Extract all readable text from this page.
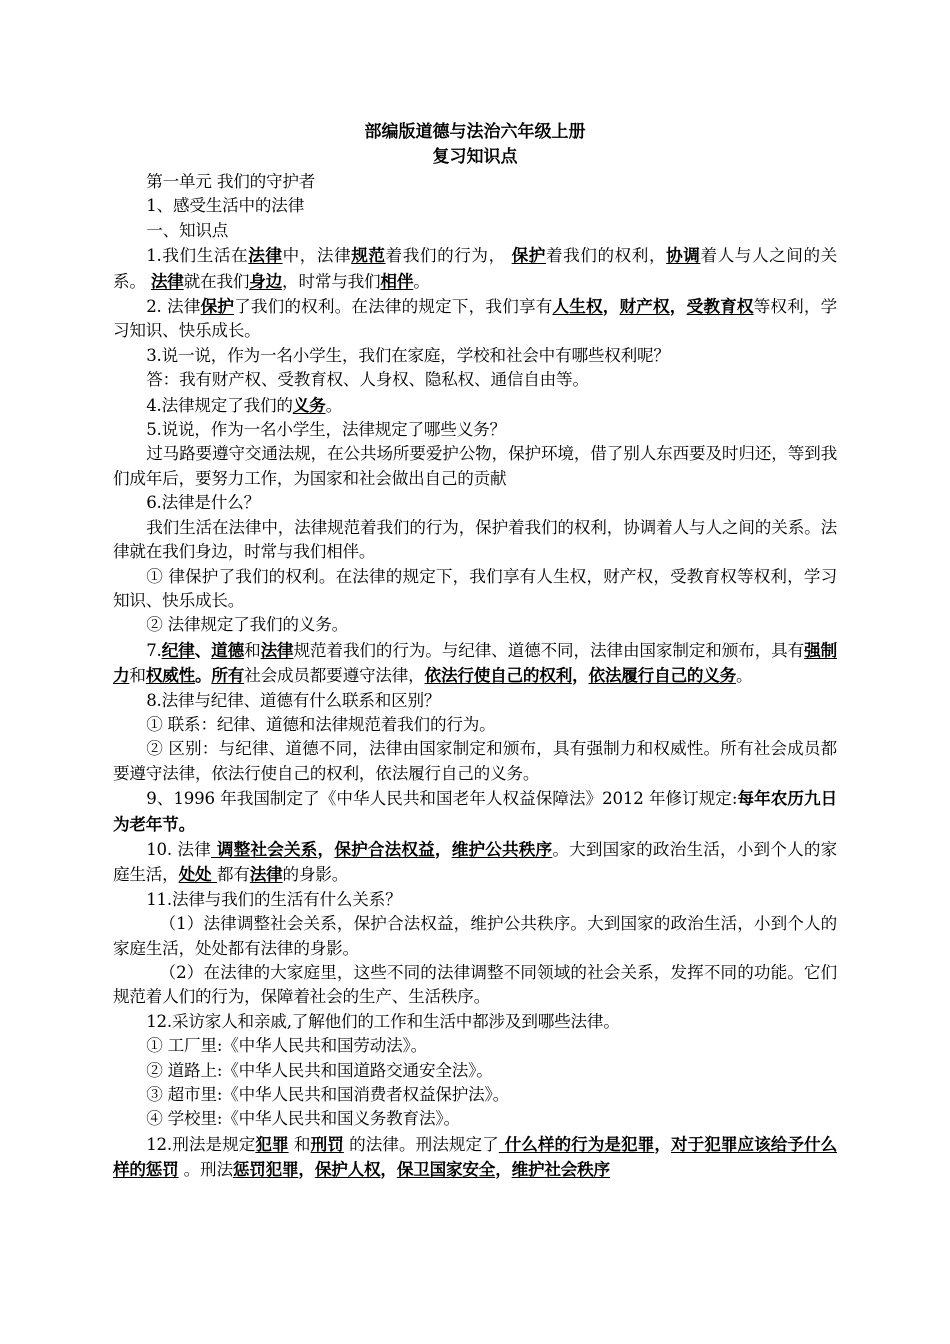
部编版道德与法治六年级上册

复习知识点

第一单元 我们的守护者

1、感受生活中的法律

一、知识点

1.我们生活在法律中，法律规范着我们的行为， 保护着我们的权利，协调着人与人之间的关系。 法律就在我们身边，时常与我们相伴。

2. 法律保护了我们的权利。在法律的规定下，我们享有人生权，财产权，受教育权等权利，学习知识、快乐成长。

3.说一说，作为一名小学生，我们在家庭，学校和社会中有哪些权利呢？

答：我有财产权、受教育权、人身权、隐私权、通信自由等。

4.法律规定了我们的义务。

5.说说，作为一名小学生，法律规定了哪些义务？

过马路要遵守交通法规，在公共场所要爱护公物，保护环境，借了别人东西要及时归还，等到我们成年后，要努力工作，为国家和社会做出自己的贡献

6.法律是什么？

我们生活在法律中，法律规范着我们的行为，保护着我们的权利，协调着人与人之间的关系。法律就在我们身边，时常与我们相伴。

① 律保护了我们的权利。在法律的规定下，我们享有人生权，财产权，受教育权等权利，学习知识、快乐成长。

② 法律规定了我们的义务。

7.纪律、道德和法律规范着我们的行为。与纪律、道德不同，法律由国家制定和颁布，具有强制力和权威性。所有社会成员都要遵守法律，依法行使自己的权利，依法履行自己的义务。

8.法律与纪律、道德有什么联系和区别？

① 联系：纪律、道德和法律规范着我们的行为。

② 区别：与纪律、道德不同，法律由国家制定和颁布，具有强制力和权威性。所有社会成员都要遵守法律，依法行使自己的权利，依法履行自己的义务。

9、1996 年我国制定了《中华人民共和国老年人权益保障法》2012 年修订规定:每年农历九日为老年节。

10. 法律 调整社会关系，保护合法权益，维护公共秩序。大到国家的政治生活，小到个人的家庭生活，处处 都有法律的身影。

11.法律与我们的生活有什么关系？

（1）法律调整社会关系，保护合法权益，维护公共秩序。大到国家的政治生活，小到个人的家庭生活，处处都有法律的身影。

（2）在法律的大家庭里，这些不同的法律调整不同领域的社会关系，发挥不同的功能。它们规范着人们的行为，保障着社会的生产、生活秩序。

12.采访家人和亲戚,了解他们的工作和生活中都涉及到哪些法律。

① 工厂里:《中华人民共和国劳动法》。

② 道路上:《中华人民共和国道路交通安全法》。

③ 超市里:《中华人民共和国消费者权益保护法》。

④ 学校里:《中华人民共和国义务教育法》。

12.刑法是规定犯罪 和刑罚 的法律。刑法规定了 什么样的行为是犯罪，对于犯罪应该给予什么样的惩罚 。刑法惩罚犯罪，保护人权，保卫国家安全，维护社会秩序
